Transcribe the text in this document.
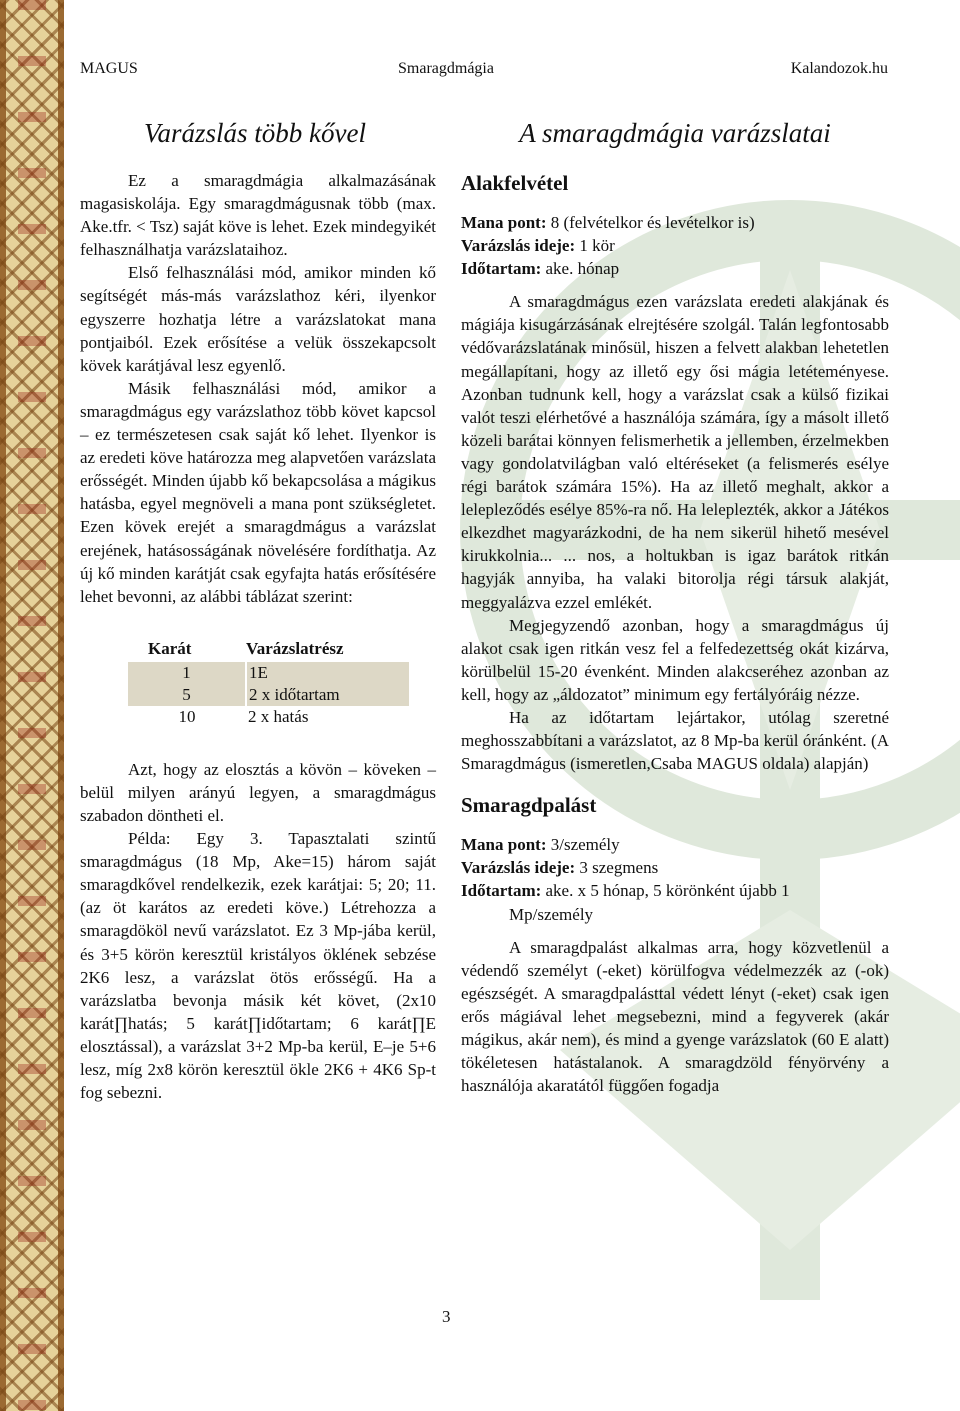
MAGUS	Smaragdmágia	Kalandozok.hu
Varázslás több kővel

Ez a smaragdmágia alkalmazásának magasiskolája. Egy smaragdmágusnak több (max. Ake.tfr. < Tsz) saját köve is lehet. Ezek mindegyikét felhasználhatja varázslataihoz.

Első felhasználási mód, amikor minden kő segítségét más-más varázslathoz kéri, ilyenkor egyszerre hozhatja létre a varázslatokat mana pontjaiból. Ezek erősítése a velük összekapcsolt kövek karátjával lesz egyenlő.

Másik felhasználási mód, amikor a smaragdmágus egy varázslathoz több követ kapcsol – ez természetesen csak saját kő lehet. Ilyenkor is az eredeti köve határozza meg alapvetően varázslata erősségét. Minden újabb kő bekapcsolása a mágikus hatásba, egyel megnöveli a mana pont szükségletet. Ezen kövek erejét a smaragdmágus a varázslat erejének, hatásosságának növelésére fordíthatja. Az új kő minden karátját csak egyfajta hatás erősítésére lehet bevonni, az alábbi táblázat szerint:

Karát	Varázslatrész
1	1E
5	2 x időtartam
10	2 x hatás

Azt, hogy az elosztás a kövön – köveken – belül milyen arányú legyen, a smaragdmágus szabadon döntheti el.

Példa: Egy 3. Tapasztalati szintű smaragdmágus (18 Mp, Ake=15) három saját smaragdkővel rendelkezik, ezek karátjai: 5; 20; 11. (az öt karátos az eredeti köve.) Létrehozza a smaragdököl nevű varázslatot. Ez 3 Mp-jába kerül, és 3+5 körön keresztül kristályos öklének sebzése 2K6 lesz, a varázslat ötös erősségű. Ha a varázslatba bevonja másik két követ, (2x10 karát∏hatás; 5 karát∏időtartam; 6 karát∏E elosztással), a varázslat 3+2 Mp-ba kerül, E–je 5+6 lesz, míg 2x8 körön keresztül ökle 2K6 + 4K6 Sp-t fog sebezni.

A smaragdmágia varázslatai
Alakfelvétel

Mana pont: 8 (felvételkor és levételkor is)

Varázslás ideje: 1 kör

Időtartam: ake. hónap

A smaragdmágus ezen varázslata eredeti alakjának és mágiája kisugárzásának elrejtésére szolgál. Talán legfontosabb védővarázslatának minősül, hiszen a felvett alakban lehetetlen megállapítani, hogy az illető egy ősi mágia letéteményese. Azonban tudnunk kell, hogy a varázslat csak a külső fizikai valót teszi elérhetővé a használója számára, így a másolt illető közeli barátai könnyen felismerhetik a jellemben, érzelmekben vagy gondolatvilágban való eltéréseket (a felismerés esélye régi barátok számára 15%). Ha az illető meghalt, akkor a lelepleződés esélye 85%-ra nő. Ha leleplezték, akkor a Játékos elkezdhet magyarázkodni, de ha nem sikerül hihető mesével kirukkolnia... ... nos, a holtukban is igaz barátok ritkán hagyják annyiba, ha valaki bitorolja régi társuk alakját, meggyalázva ezzel emlékét.

Megjegyzendő azonban, hogy a smaragdmágus új alakot csak igen ritkán vesz fel a felfedezettség okát kizárva, körülbelül 15-20 évenként. Minden alakcseréhez azonban az kell, hogy az „áldozatot” minimum egy fertályóráig nézze.

Ha az időtartam lejártakor, utólag szeretné meghosszabbítani a varázslatot, az 8 Mp-ba kerül óránként. (A Smaragdmágus (ismeretlen,Csaba MAGUS oldala) alapján)

Smaragdpalást

Mana pont: 3/személy

Varázslás ideje: 3 szegmens

Időtartam: ake. x 5 hónap, 5 körönként újabb 1

Mp/személy

A smaragdpalást alkalmas arra, hogy közvetlenül a védendő személyt (-eket) körülfogva védelmezzék az (-ok) egészségét. A smaragdpalásttal védett lényt (-eket) csak igen erős mágiával lehet megsebezni, mind a fegyverek (akár mágikus, akár nem), és mind a gyenge varázslatok (60 E alatt) tökéletesen hatástalanok. A smaragdzöld fényörvény a használója akaratától függően fogadja

3
